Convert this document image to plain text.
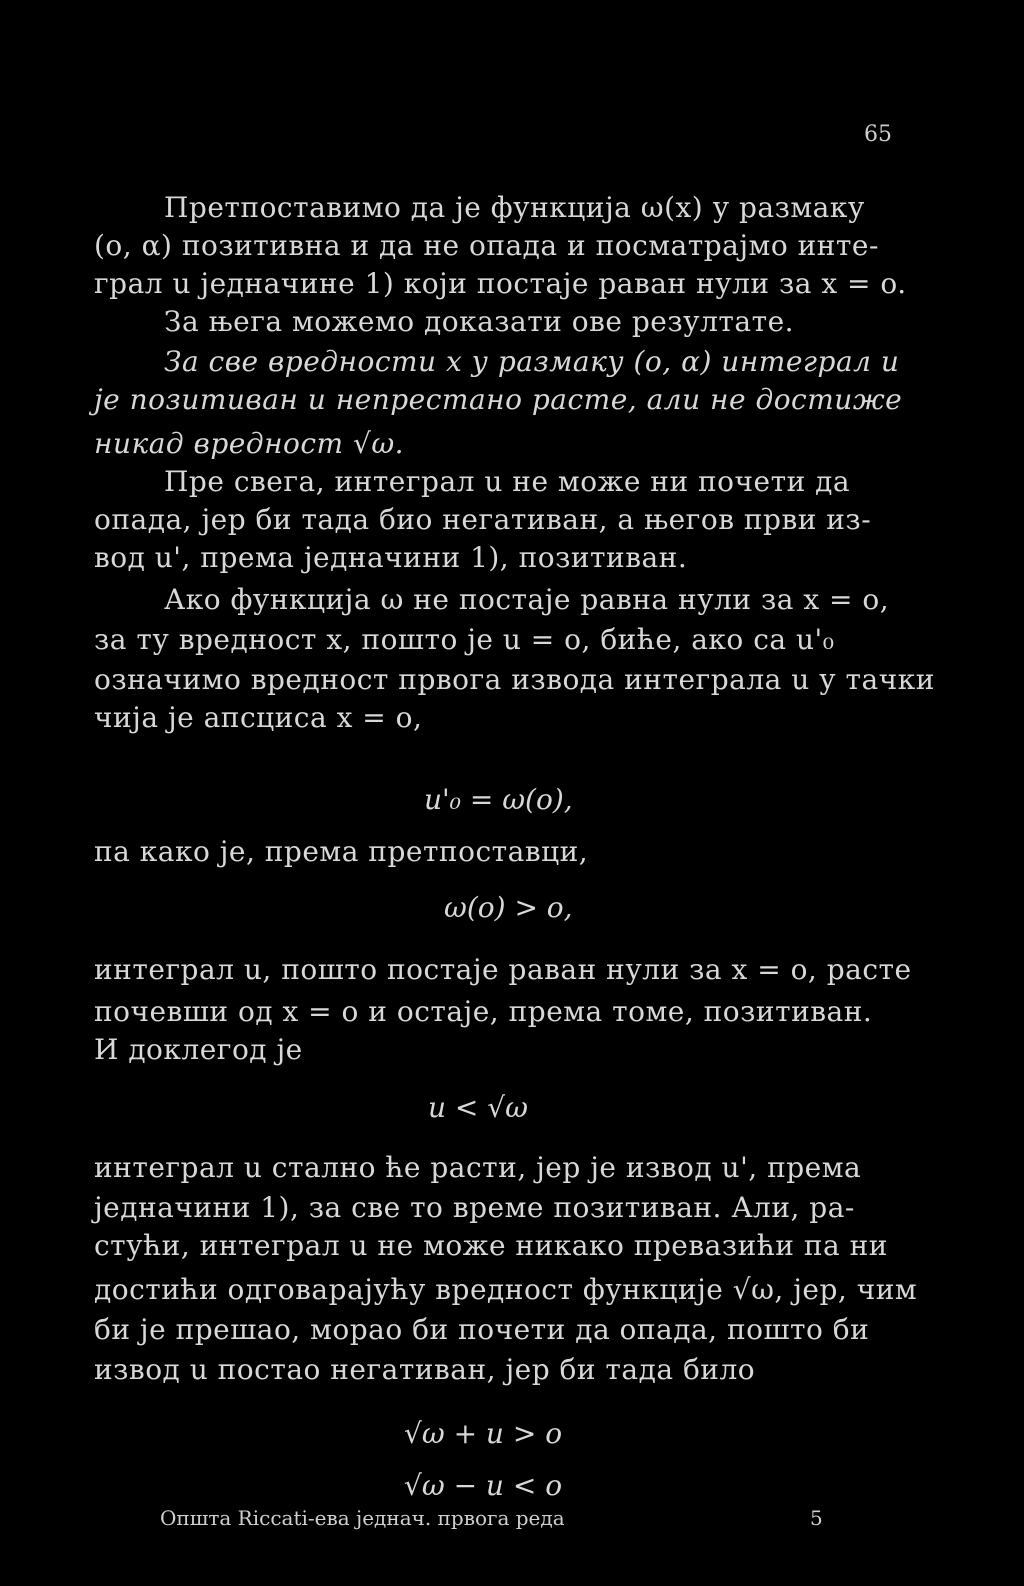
65
Претпоставимо да је функција ω(x) у размаку
(o, α) позитивна и да не опада и посматрајмо инте-
грал u једначине 1) који постаје раван нули за x = o.
За њега можемо доказати ове резултате.
За све вредности x у размаку (o, α) интеграл u
је позитиван и непрестано расте, али не достиже
никад вредност √ω.
Пре свега, интеграл u не може ни почети да
опада, јер би тада био негативан, а његов први из-
вод u', према једначини 1), позитиван.
Ако функција ω не постаје равна нули за x = o,
за ту вредност x, пошто је u = o, биће, ако са u'₀
означимо вредност првога извода интеграла u у тачки
чија је апсциса x = o,
u'₀ = ω(o),
па како је, према претпоставци,
ω(o) > o,
интеграл u, пошто постаје раван нули за x = o, расте
почевши од x = o и остаје, према томе, позитиван.
И доклегод је
u < √ω
интеграл u стално ће расти, јер је извод u', према
једначини 1), за све то време позитиван. Али, ра-
стући, интеграл u не може никако превазићи па ни
достићи одговарајућу вредност функције √ω, јер, чим
би је прешао, морао би почети да опада, пошто би
извод u постао негативан, јер би тада било
√ω + u > o
√ω − u < o
Општа Riccati-ева једнач. првога реда	5
